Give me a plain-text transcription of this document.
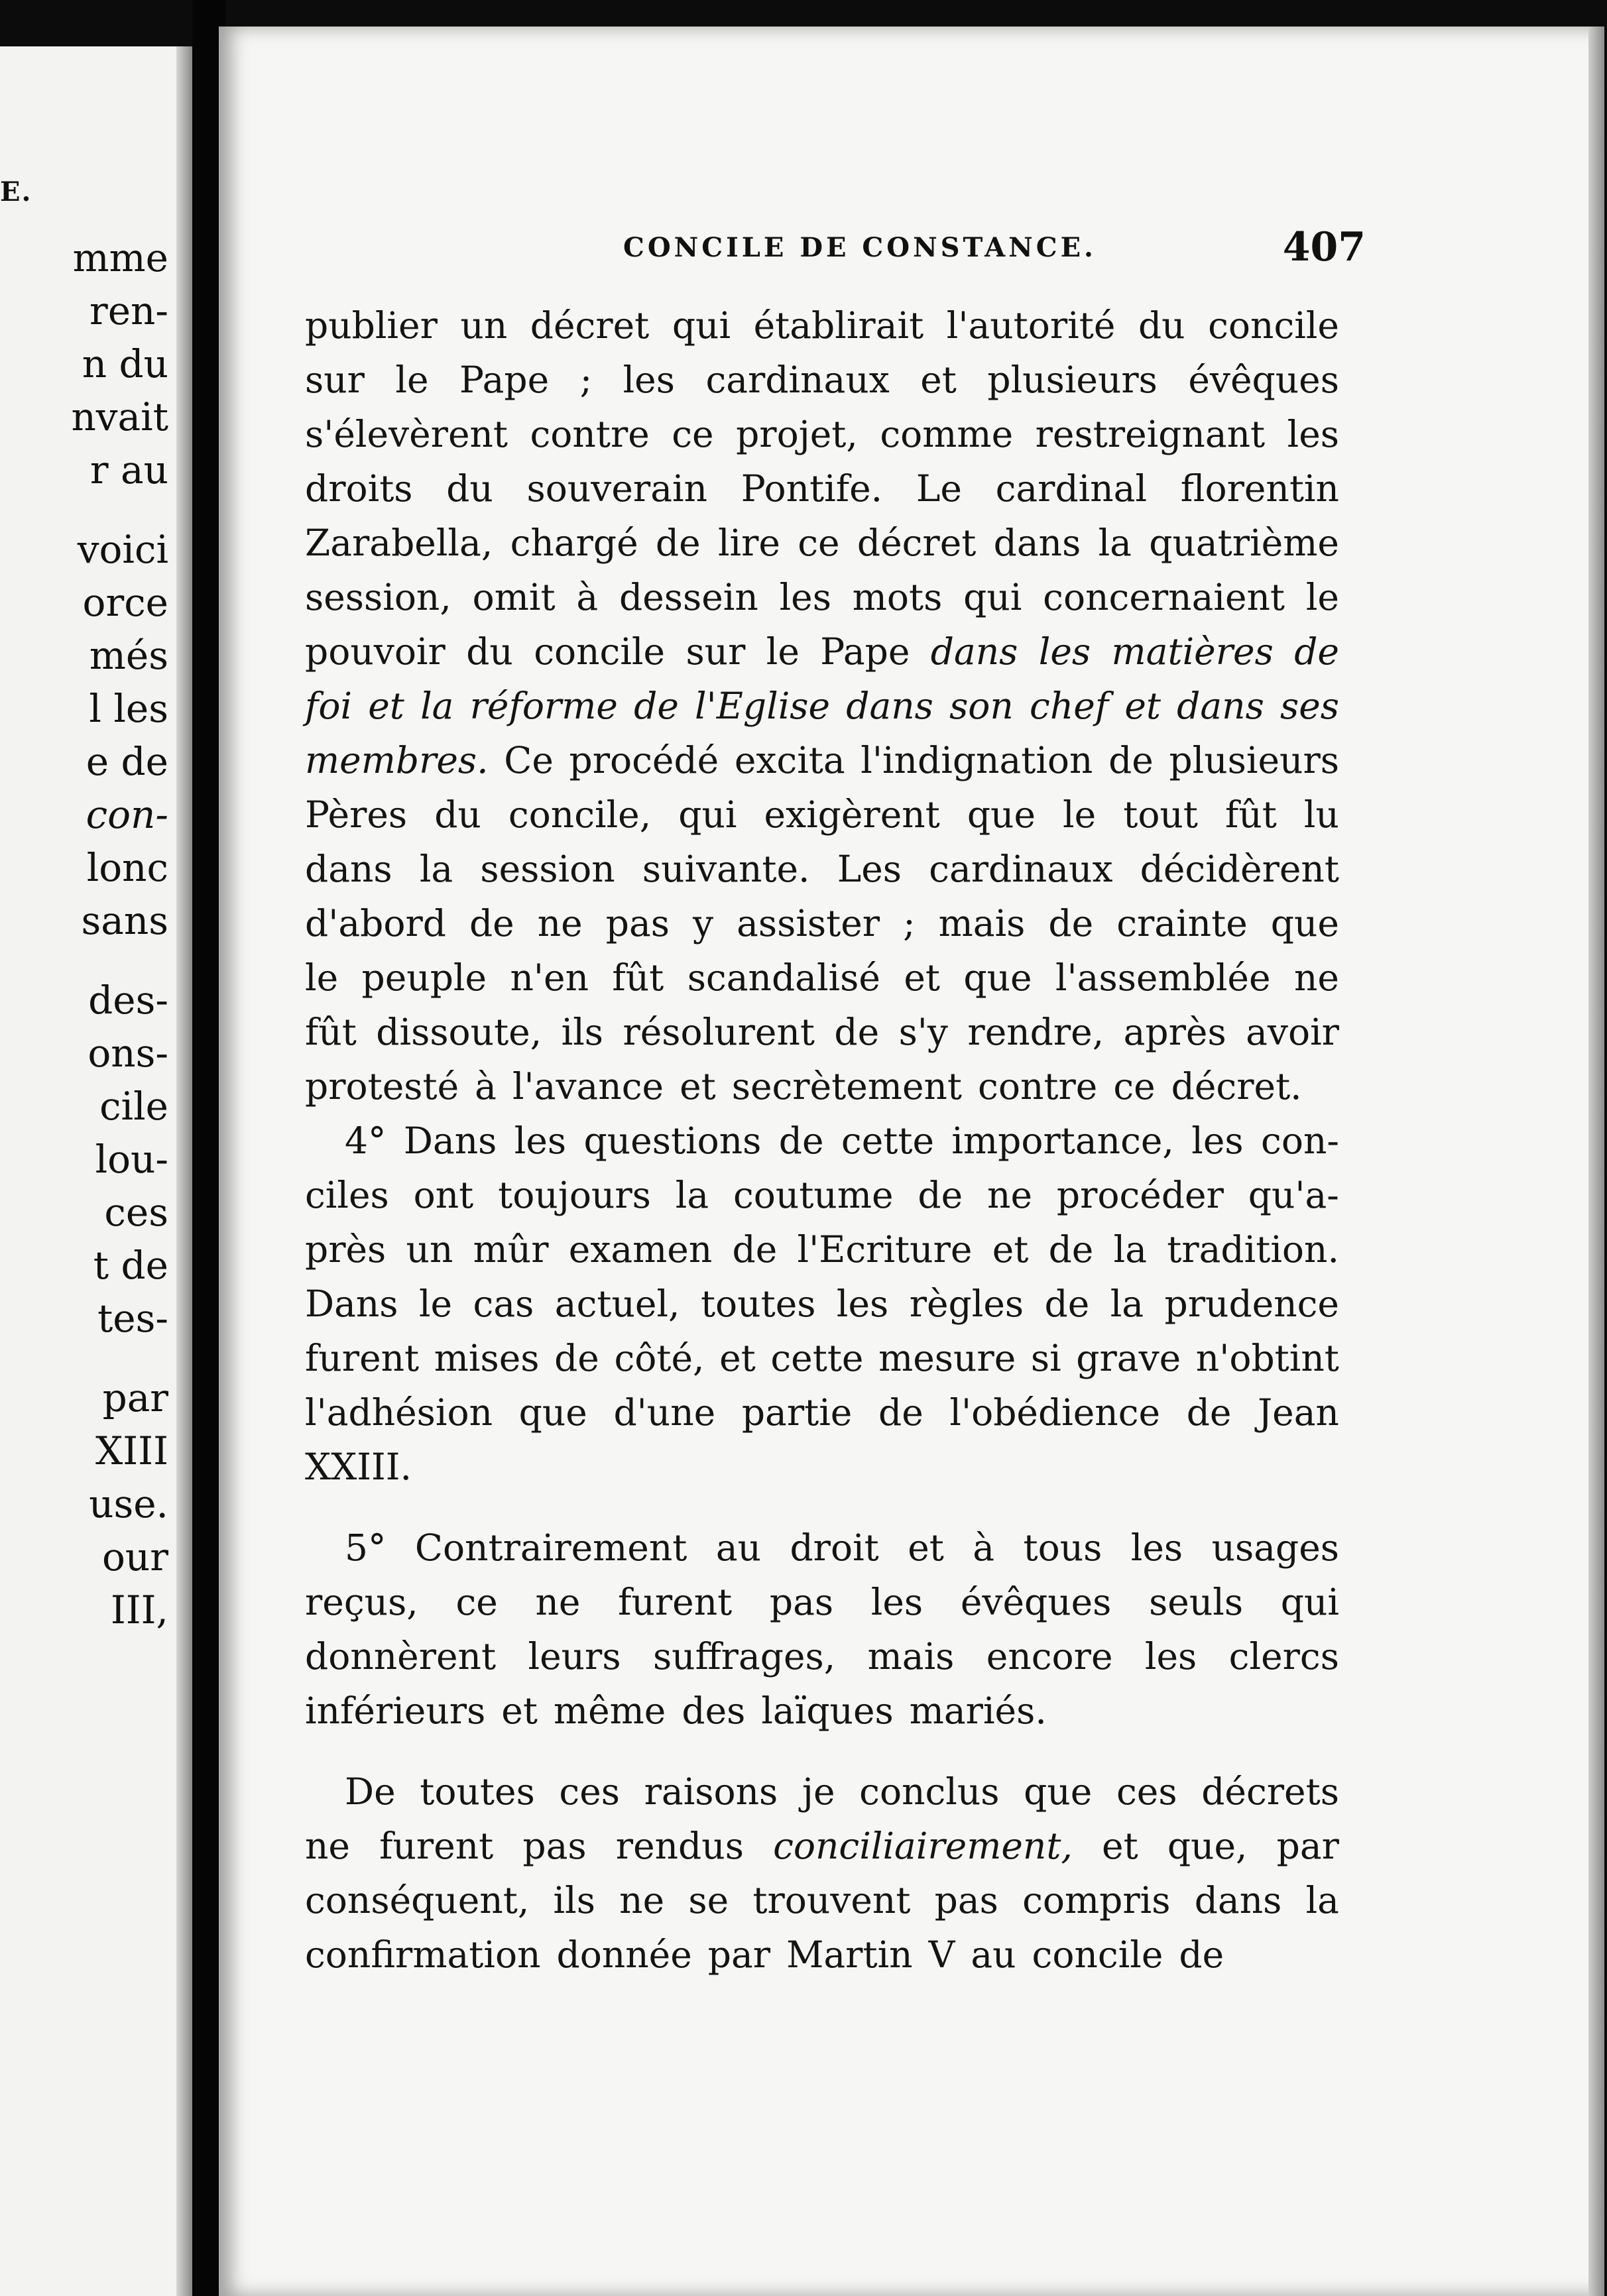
E.
mme
ren-
n du
nvait
r au
voici
orce
més
l les
e de
con-
lonc
sans
des-
ons-
cile
lou-
ces
t de
tes-
par
XIII
use.
our
III,
CONCILE DE CONSTANCE.	407
publier un décret qui établirait l'autorité du concile
sur le Pape ; les cardinaux et plusieurs évêques
s'élevèrent contre ce projet, comme restreignant les
droits du souverain Pontife. Le cardinal florentin
Zarabella, chargé de lire ce décret dans la quatrième
session, omit à dessein les mots qui concernaient le
pouvoir du concile sur le Pape dans les matières de
foi et la réforme de l'Eglise dans son chef et dans ses
membres. Ce procédé excita l'indignation de plusieurs
Pères du concile, qui exigèrent que le tout fût lu
dans la session suivante. Les cardinaux décidèrent
d'abord de ne pas y assister ; mais de crainte que
le peuple n'en fût scandalisé et que l'assemblée ne
fût dissoute, ils résolurent de s'y rendre, après avoir
protesté à l'avance et secrètement contre ce décret.
4° Dans les questions de cette importance, les con-
ciles ont toujours la coutume de ne procéder qu'a-
près un mûr examen de l'Ecriture et de la tradition.
Dans le cas actuel, toutes les règles de la prudence
furent mises de côté, et cette mesure si grave n'obtint
l'adhésion que d'une partie de l'obédience de Jean
XXIII.
5° Contrairement au droit et à tous les usages
reçus, ce ne furent pas les évêques seuls qui
donnèrent leurs suffrages, mais encore les clercs
inférieurs et même des laïques mariés.
De toutes ces raisons je conclus que ces décrets
ne furent pas rendus conciliairement, et que, par
conséquent, ils ne se trouvent pas compris dans la
confirmation donnée par Martin V au concile de
